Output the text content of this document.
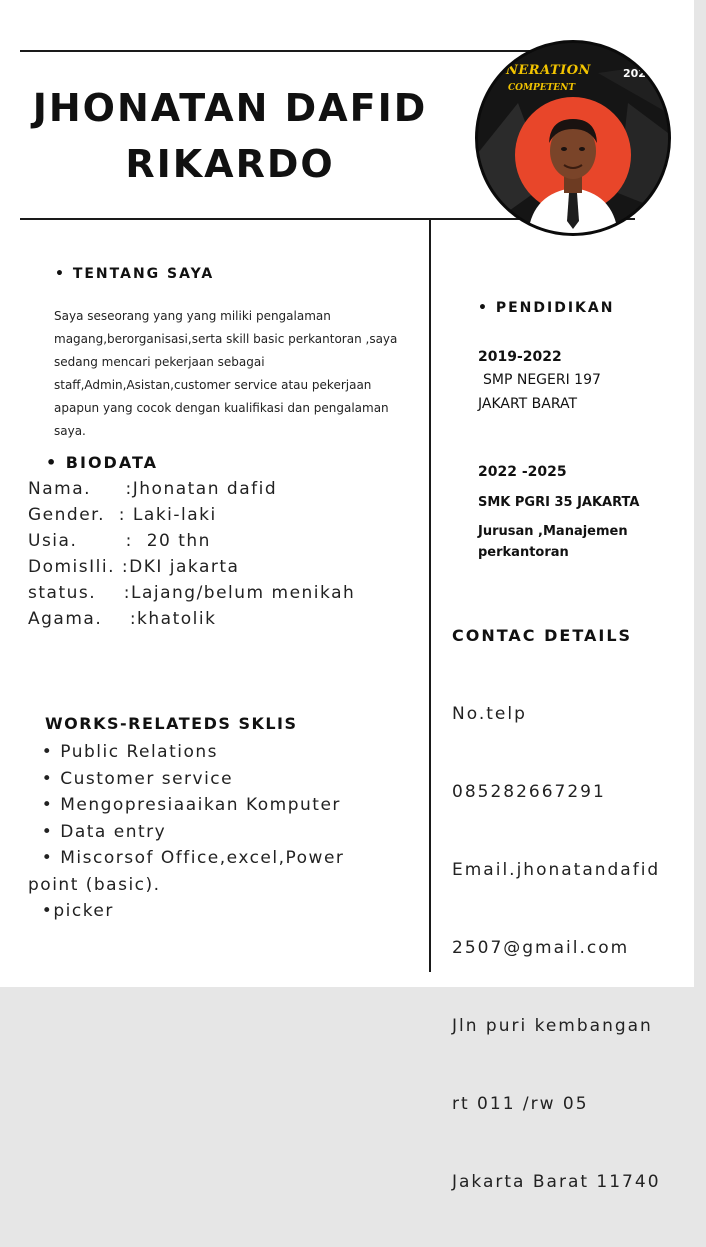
JHONATAN DAFID
RIKARDO
NERATION
COMPETENT
2024
• TENTANG SAYA
Saya seseorang yang yang miliki pengalaman magang,berorganisasi,serta skill basic perkantoran ,saya sedang mencari pekerjaan sebagai staff,Admin,Asistan,customer service atau pekerjaan apapun yang cocok dengan kualifikasi dan pengalaman saya.
• BIODATA
Nama.     :Jhonatan dafid
Gender.  : Laki-laki
Usia.       :  20 thn
DomisIli. :DKI jakarta
status.    :Lajang/belum menikah
Agama.    :khatolik
WORKS-RELATEDS SKLIS
• Public Relations
• Customer service
• Mengopresiaaikan Komputer
• Data entry
• Miscorsof Office,excel,Power
point (basic).
•picker
• PENDIDIKAN
2019-2022
SMP NEGERI 197
JAKART BARAT
2022 -2025
SMK PGRI 35 JAKARTA
Jurusan ,Manajemen
perkantoran
CONTAC DETAILS

No.telp

085282667291

Email.jhonatandafid

2507@gmail.com

Jln puri kembangan

rt 011 /rw 05

Jakarta Barat 11740
